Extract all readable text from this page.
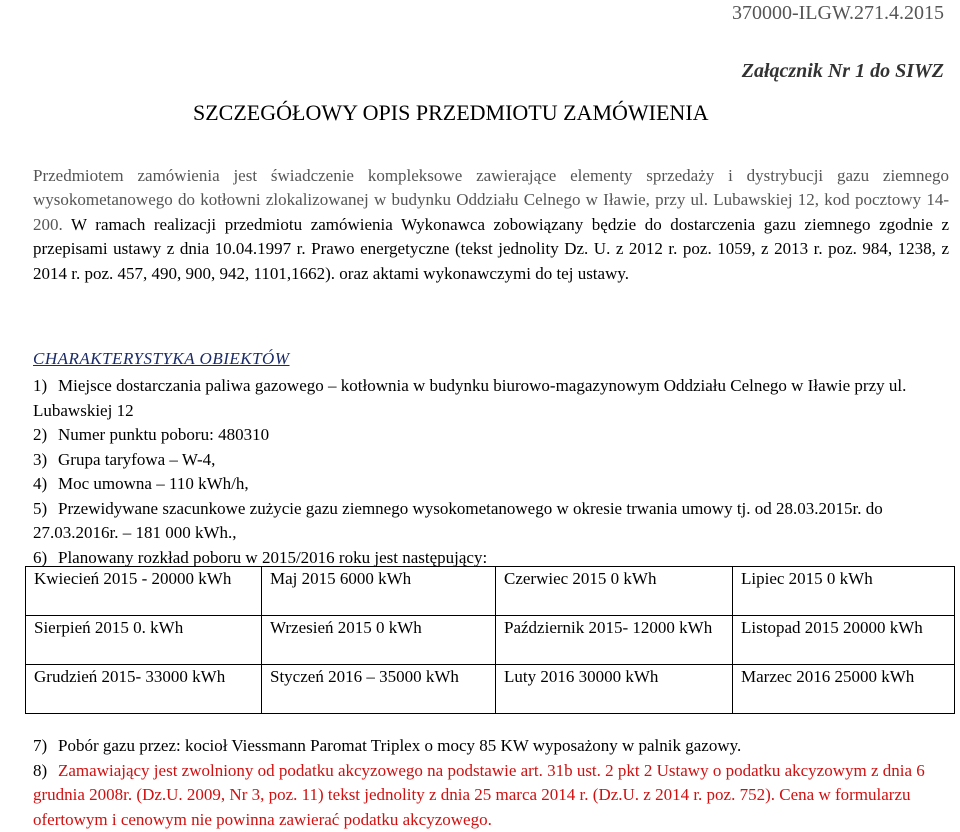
370000-ILGW.271.4.2015
Załącznik Nr 1 do SIWZ
SZCZEGÓŁOWY OPIS PRZEDMIOTU ZAMÓWIENIA
Przedmiotem zamówienia jest świadczenie kompleksowe zawierające elementy sprzedaży i dystrybucji gazu ziemnego wysokometanowego do kotłowni zlokalizowanej w budynku Oddziału Celnego w Iławie, przy ul. Lubawskiej 12, kod pocztowy 14-200. W ramach realizacji przedmiotu zamówienia Wykonawca zobowiązany będzie do dostarczenia gazu ziemnego zgodnie z przepisami ustawy z dnia 10.04.1997 r. Prawo energetyczne (tekst jednolity Dz. U. z 2012 r. poz. 1059, z 2013 r. poz. 984, 1238, z 2014 r. poz. 457, 490, 900, 942, 1101,1662). oraz aktami wykonawczymi do tej ustawy.
CHARAKTERYSTYKA OBIEKTÓW
1) Miejsce dostarczania paliwa gazowego – kotłownia w budynku biurowo-magazynowym Oddziału Celnego w Iławie przy ul. Lubawskiej 12
2) Numer punktu poboru: 480310
3) Grupa taryfowa – W-4,
4) Moc umowna – 110 kWh/h,
5) Przewidywane szacunkowe zużycie gazu ziemnego wysokometanowego w okresie trwania umowy tj. od 28.03.2015r. do 27.03.2016r. – 181 000 kWh.,
6) Planowany rozkład poboru w 2015/2016 roku jest następujący:
Kwiecień 2015 - 20000 kWh	Maj 2015 6000 kWh	Czerwiec 2015 0 kWh	Lipiec 2015 0 kWh
Sierpień 2015 0. kWh	Wrzesień 2015 0 kWh	Październik 2015- 12000 kWh	Listopad 2015 20000 kWh
Grudzień 2015- 33000 kWh	Styczeń 2016 – 35000 kWh	Luty 2016 30000 kWh	Marzec 2016 25000 kWh
7) Pobór gazu przez: kocioł Viessmann Paromat Triplex o mocy 85 KW wyposażony w palnik gazowy.
8) Zamawiający jest zwolniony od podatku akcyzowego na podstawie art. 31b ust. 2 pkt 2 Ustawy o podatku akcyzowym z dnia 6 grudnia 2008r. (Dz.U. 2009, Nr 3, poz. 11) tekst jednolity z dnia 25 marca 2014 r. (Dz.U. z 2014 r. poz. 752). Cena w formularzu ofertowym i cenowym nie powinna zawierać podatku akcyzowego.
